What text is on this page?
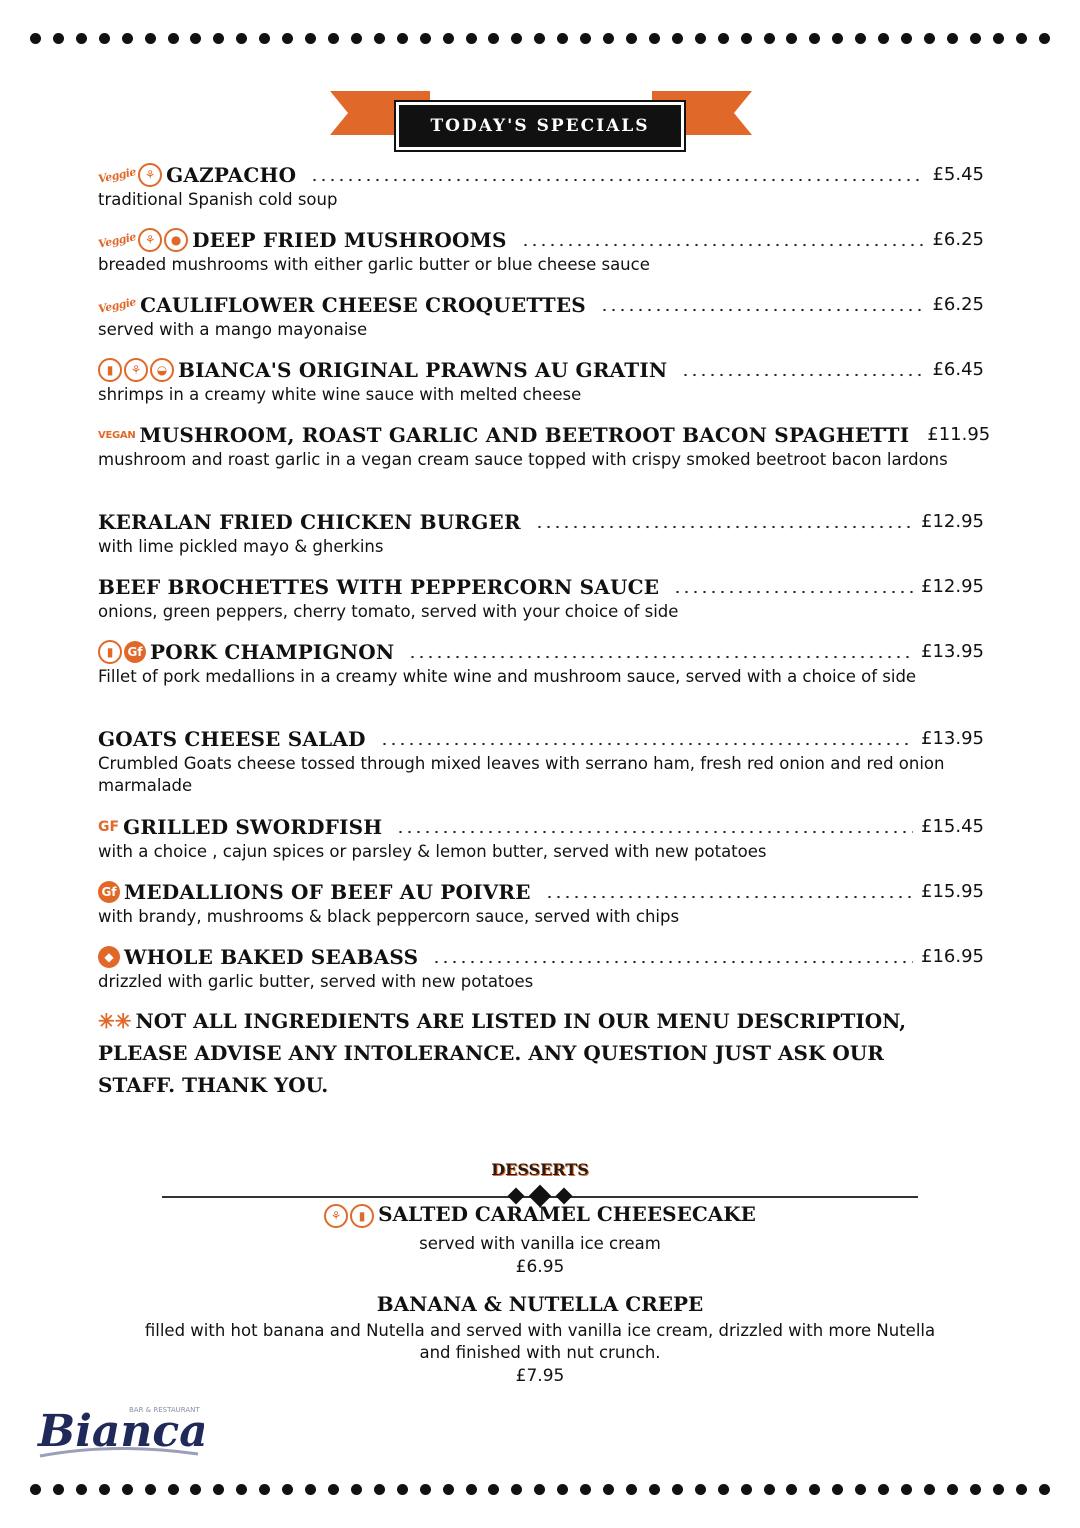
TODAY'S SPECIALS
Veggie ⚘ GAZPACHO	£5.45
traditional Spanish cold soup
Veggie ⚘	● DEEP FRIED MUSHROOMS	£6.25
breaded mushrooms with either garlic butter or blue cheese sauce
Veggie CAULIFLOWER CHEESE CROQUETTES	£6.25
served with a mango mayonaise
▮	⚘	◒ BIANCA'S ORIGINAL PRAWNS AU GRATIN	£6.45
shrimps in a creamy white wine sauce with melted cheese
VEGAN MUSHROOM, ROAST GARLIC AND BEETROOT BACON SPAGHETTI £11.95
mushroom and roast garlic in a vegan cream sauce topped with crispy smoked beetroot bacon lardons
KERALAN FRIED CHICKEN BURGER	£12.95
with lime pickled mayo & gherkins
BEEF BROCHETTES WITH PEPPERCORN SAUCE	£12.95
onions, green peppers, cherry tomato, served with your choice of side
▮	Gf PORK CHAMPIGNON	£13.95
Fillet of pork medallions in a creamy white wine and mushroom sauce, served with a choice of side
GOATS CHEESE SALAD	£13.95
Crumbled Goats cheese tossed through mixed leaves with serrano ham, fresh red onion and red onion marmalade
GF GRILLED SWORDFISH	£15.45
with a choice , cajun spices or parsley & lemon butter, served with new potatoes
Gf MEDALLIONS OF BEEF AU POIVRE	£15.95
with brandy, mushrooms & black peppercorn sauce, served with chips
◆ WHOLE BAKED SEABASS	£16.95
drizzled with garlic butter, served with new potatoes
✳✳ NOT ALL INGREDIENTS ARE LISTED IN OUR MENU DESCRIPTION, PLEASE ADVISE ANY INTOLERANCE. ANY QUESTION JUST ASK OUR STAFF. THANK YOU.
DESSERTS
⚘	▮ SALTED CARAMEL CHEESECAKE
served with vanilla ice cream
£6.95
BANANA & NUTELLA CREPE
filled with hot banana and Nutella and served with vanilla ice cream, drizzled with more Nutella and finished with nut crunch.
£7.95
Bianc
BAR & RESTAURANT
